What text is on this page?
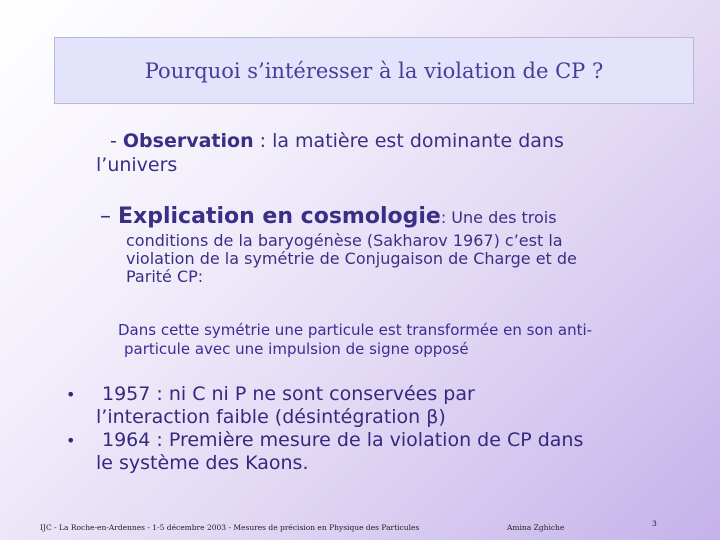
Pourquoi s’intéresser à la violation de CP ?
- Observation : la matière est dominante dans
l’univers
– Explication en cosmologie: Une des trois
conditions de la baryogénèse (Sakharov 1967) c’est la
violation de la symétrie de Conjugaison de Charge et de
Parité CP:
Dans cette symétrie une particule est transformée en son anti-
particule avec une impulsion de signe opposé
•	1957 : ni C ni P ne sont conservées par
l’interaction faible (désintégration β)
•	1964 : Première mesure de la violation de CP dans
le système des Kaons.
IJC - La Roche-en-Ardennes - 1-5 décembre 2003 - Mesures de précision en Physique des Particules	Amina Zghiche	3
